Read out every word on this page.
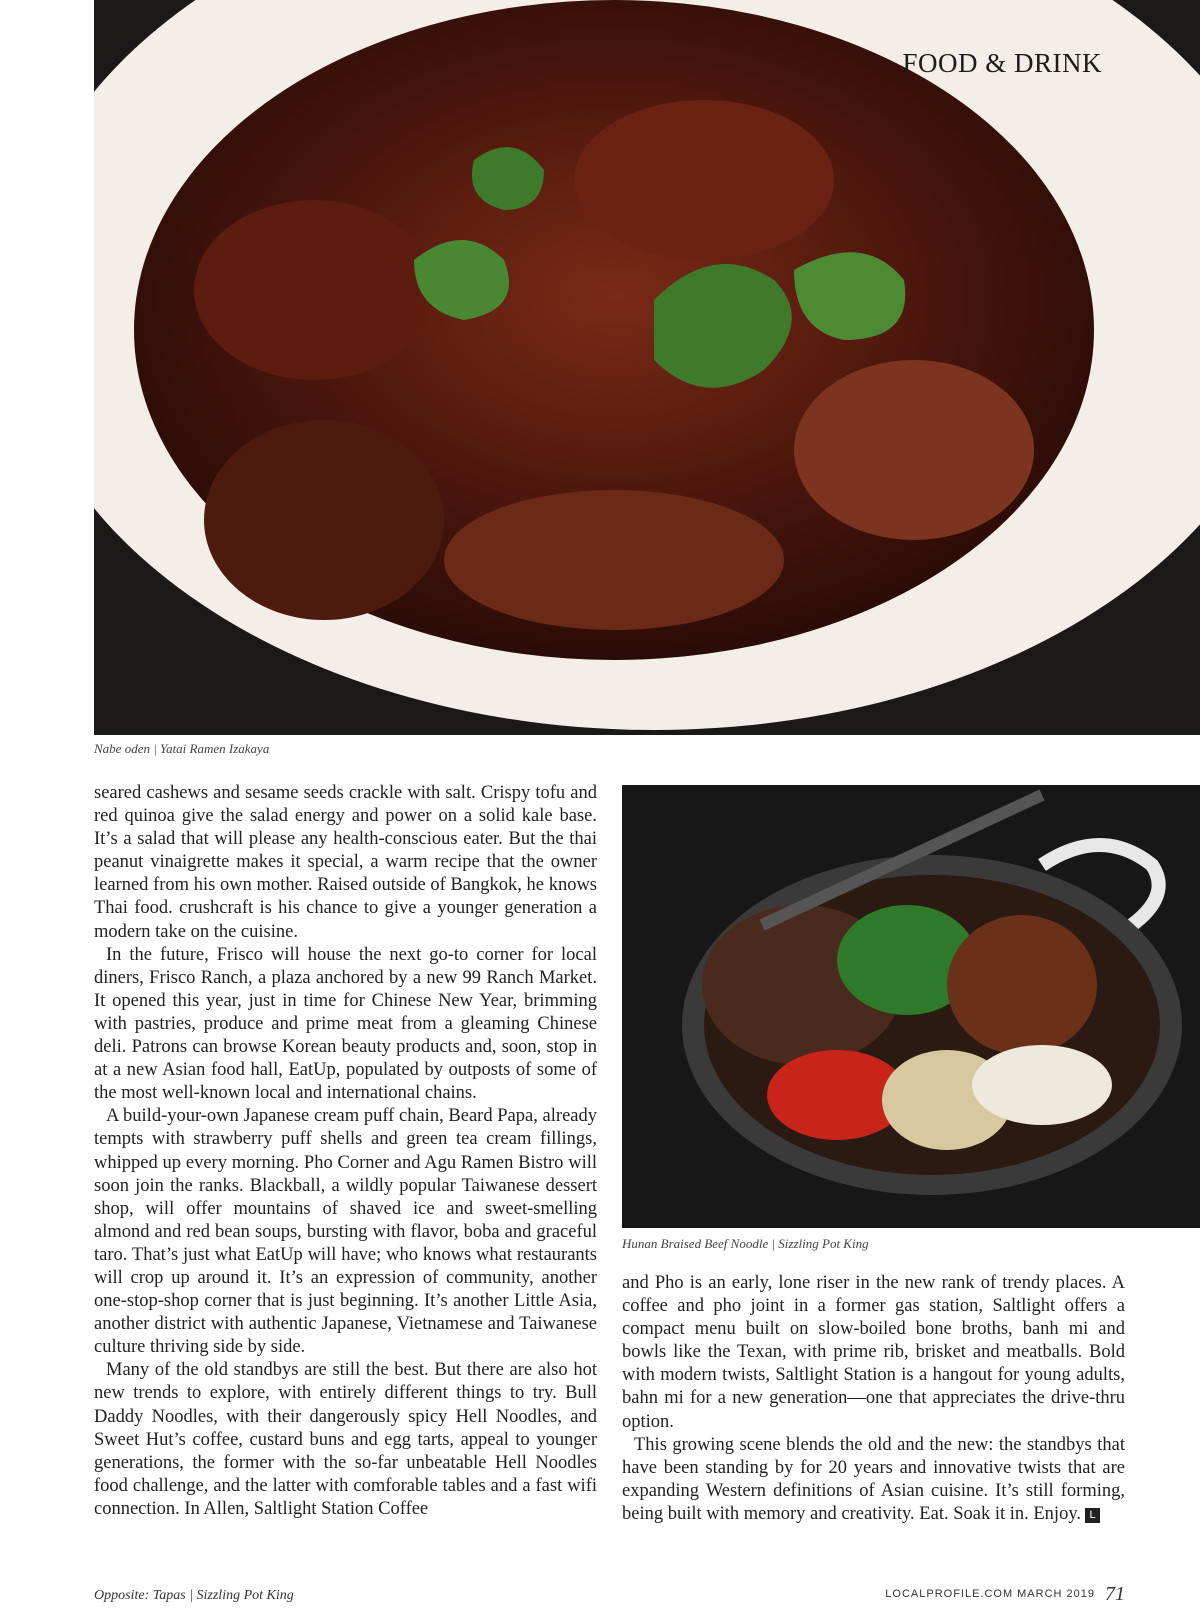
FOOD & DRINK
Nabe oden | Yatai Ramen Izakaya

seared cashews and sesame seeds crackle with salt. Crispy tofu and red quinoa give the salad energy and power on a solid kale base. It’s a salad that will please any health-conscious eater. But the thai peanut vinaigrette makes it special, a warm recipe that the owner learned from his own mother. Raised outside of Bangkok, he knows Thai food. crushcraft is his chance to give a younger generation a modern take on the cuisine.

In the future, Frisco will house the next go-to corner for local diners, Frisco Ranch, a plaza anchored by a new 99 Ranch Market. It opened this year, just in time for Chinese New Year, brimming with pastries, produce and prime meat from a gleaming Chinese deli. Patrons can browse Korean beauty products and, soon, stop in at a new Asian food hall, EatUp, populated by outposts of some of the most well-known local and international chains.

A build-your-own Japanese cream puff chain, Beard Papa, already tempts with strawberry puff shells and green tea cream fillings, whipped up every morning. Pho Corner and Agu Ramen Bistro will soon join the ranks. Blackball, a wildly popular Taiwanese dessert shop, will offer mountains of shaved ice and sweet-smelling almond and red bean soups, bursting with flavor, boba and graceful taro. That’s just what EatUp will have; who knows what restaurants will crop up around it. It’s an expression of community, another one-stop-shop corner that is just beginning. It’s another Little Asia, another district with authentic Japanese, Vietnamese and Taiwanese culture thriving side by side.

Many of the old standbys are still the best. But there are also hot new trends to explore, with entirely different things to try. Bull Daddy Noodles, with their dangerously spicy Hell Noodles, and Sweet Hut’s coffee, custard buns and egg tarts, appeal to younger generations, the former with the so-far unbeatable Hell Noodles food challenge, and the latter with comforable tables and a fast wifi connection. In Allen, Saltlight Station Coffee

Hunan Braised Beef Noodle | Sizzling Pot King

and Pho is an early, lone riser in the new rank of trendy places. A coffee and pho joint in a former gas station, Saltlight offers a compact menu built on slow-boiled bone broths, banh mi and bowls like the Texan, with prime rib, brisket and meatballs. Bold with modern twists, Saltlight Station is a hangout for young adults, bahn mi for a new generation—one that appreciates the drive-thru option.

This growing scene blends the old and the new: the standbys that have been standing by for 20 years and innovative twists that are expanding Western definitions of Asian cuisine. It’s still forming, being built with memory and creativity. Eat. Soak it in. Enjoy. L

Opposite: Tapas | Sizzling Pot King	LOCALPROFILE.COM MARCH 2019 71
